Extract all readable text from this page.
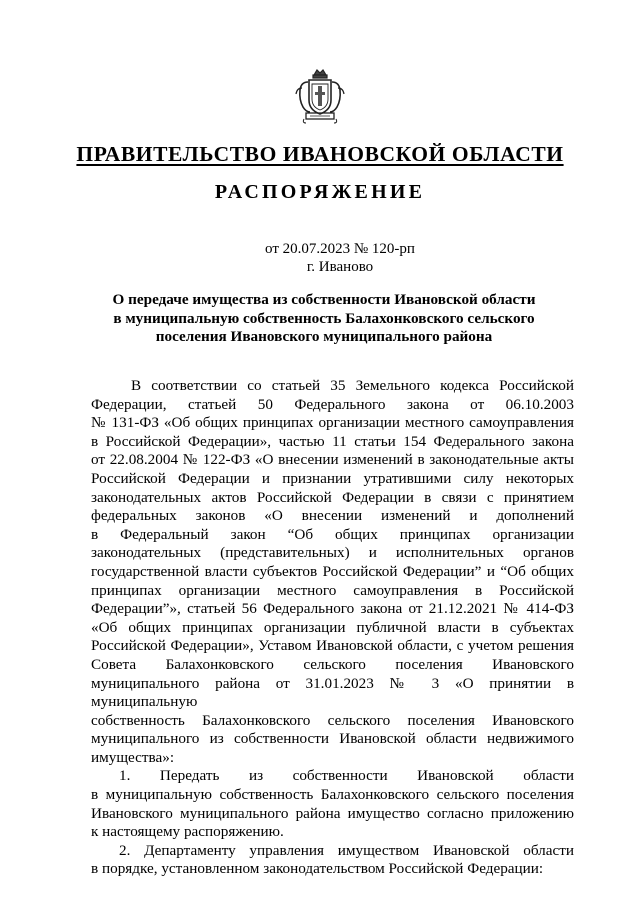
ПРАВИТЕЛЬСТВО ИВАНОВСКОЙ ОБЛАСТИ
РАСПОРЯЖЕНИЕ
от 20.07.2023 № 120-рп
г. Иваново
О передаче имущества из собственности Ивановской области
в муниципальную собственность Балахонковского сельского
поселения Ивановского муниципального района

В соответствии со статьей 35 Земельного кодекса Российской
Федерации, статьей 50 Федерального закона от 06.10.2003
№ 131-ФЗ «Об общих принципах организации местного самоуправления
в Российской Федерации», частью 11 статьи 154 Федерального закона
от 22.08.2004 № 122-ФЗ «О внесении изменений в законодательные акты
Российской Федерации и признании утратившими силу некоторых
законодательных актов Российской Федерации в связи с принятием
федеральных законов «О внесении изменений и дополнений
в Федеральный закон “Об общих принципах организации
законодательных (представительных) и исполнительных органов
государственной власти субъектов Российской Федерации” и “Об общих
принципах организации местного самоуправления в Российской
Федерации”», статьей 56 Федерального закона от 21.12.2021 № 414-ФЗ
«Об общих принципах организации публичной власти в субъектах
Российской Федерации», Уставом Ивановской области, с учетом решения
Совета Балахонковского сельского поселения Ивановского
муниципального района от 31.01.2023 № 3 «О принятии в муниципальную
собственность Балахонковского сельского поселения Ивановского
муниципального из собственности Ивановской области недвижимого
имущества»:

1. Передать из собственности Ивановской области
в муниципальную собственность Балахонковского сельского поселения
Ивановского муниципального района имущество согласно приложению
к настоящему распоряжению.

2. Департаменту управления имуществом Ивановской области
в порядке, установленном законодательством Российской Федерации:
